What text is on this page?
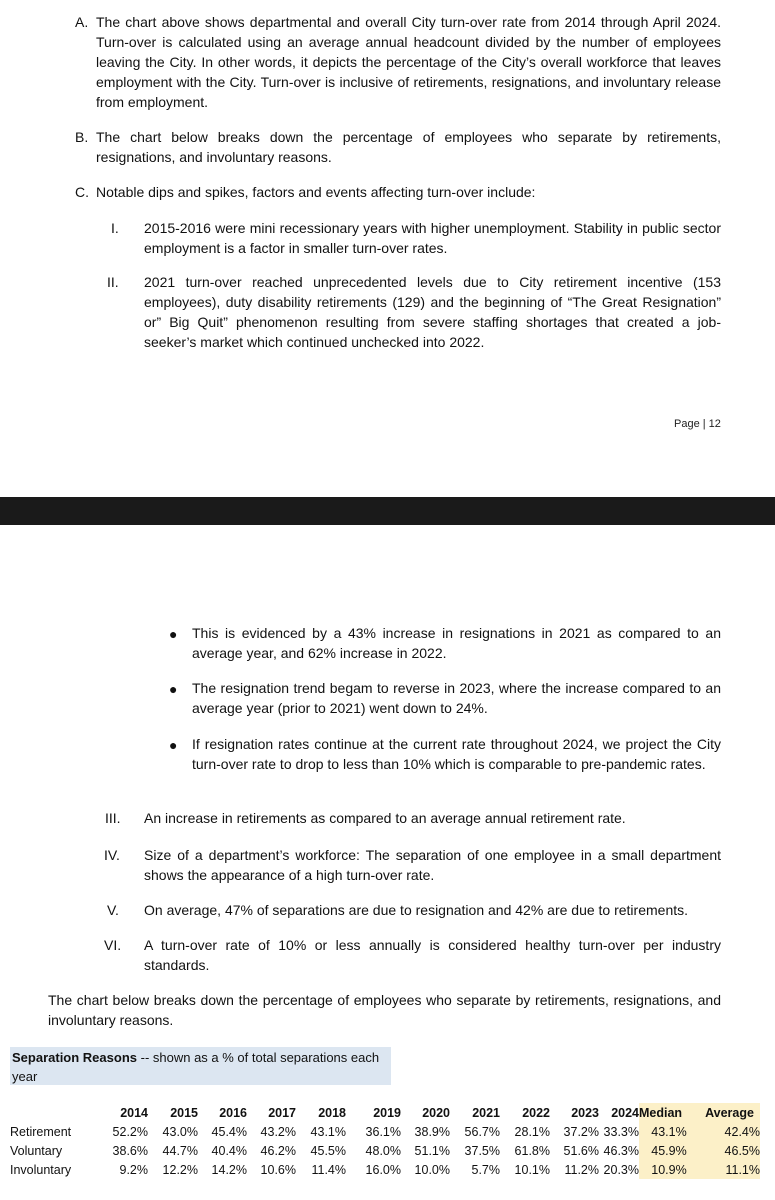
A. The chart above shows departmental and overall City turn-over rate from 2014 through April 2024. Turn-over is calculated using an average annual headcount divided by the number of employees leaving the City. In other words, it depicts the percentage of the City’s overall workforce that leaves employment with the City. Turn-over is inclusive of retirements, resignations, and involuntary release from employment.
B. The chart below breaks down the percentage of employees who separate by retirements, resignations, and involuntary reasons.
C. Notable dips and spikes, factors and events affecting turn-over include:
I. 2015-2016 were mini recessionary years with higher unemployment. Stability in public sector employment is a factor in smaller turn-over rates.
II. 2021 turn-over reached unprecedented levels due to City retirement incentive (153 employees), duty disability retirements (129) and the beginning of “The Great Resignation” or” Big Quit” phenomenon resulting from severe staffing shortages that created a job-seeker’s market which continued unchecked into 2022.
Page | 12
● This is evidenced by a 43% increase in resignations in 2021 as compared to an average year, and 62% increase in 2022.
● The resignation trend begam to reverse in 2023, where the increase compared to an average year (prior to 2021) went down to 24%.
● If resignation rates continue at the current rate throughout 2024, we project the City turn-over rate to drop to less than 10% which is comparable to pre-pandemic rates.
III. An increase in retirements as compared to an average annual retirement rate.
IV. Size of a department’s workforce: The separation of one employee in a small department shows the appearance of a high turn-over rate.
V. On average, 47% of separations are due to resignation and 42% are due to retirements.
VI. A turn-over rate of 10% or less annually is considered healthy turn-over per industry standards.
The chart below breaks down the percentage of employees who separate by retirements, resignations, and involuntary reasons.
Separation Reasons -- shown as a % of total separations each year
	2014	2015	2016	2017	2018	2019	2020	2021	2022	2023	2024	Median	Average
Retirement	52.2%	43.0%	45.4%	43.2%	43.1%	36.1%	38.9%	56.7%	28.1%	37.2%	33.3%	43.1%	42.4%
Voluntary	38.6%	44.7%	40.4%	46.2%	45.5%	48.0%	51.1%	37.5%	61.8%	51.6%	46.3%	45.9%	46.5%
Involuntary	9.2%	12.2%	14.2%	10.6%	11.4%	16.0%	10.0%	5.7%	10.1%	11.2%	20.3%	10.9%	11.1%
